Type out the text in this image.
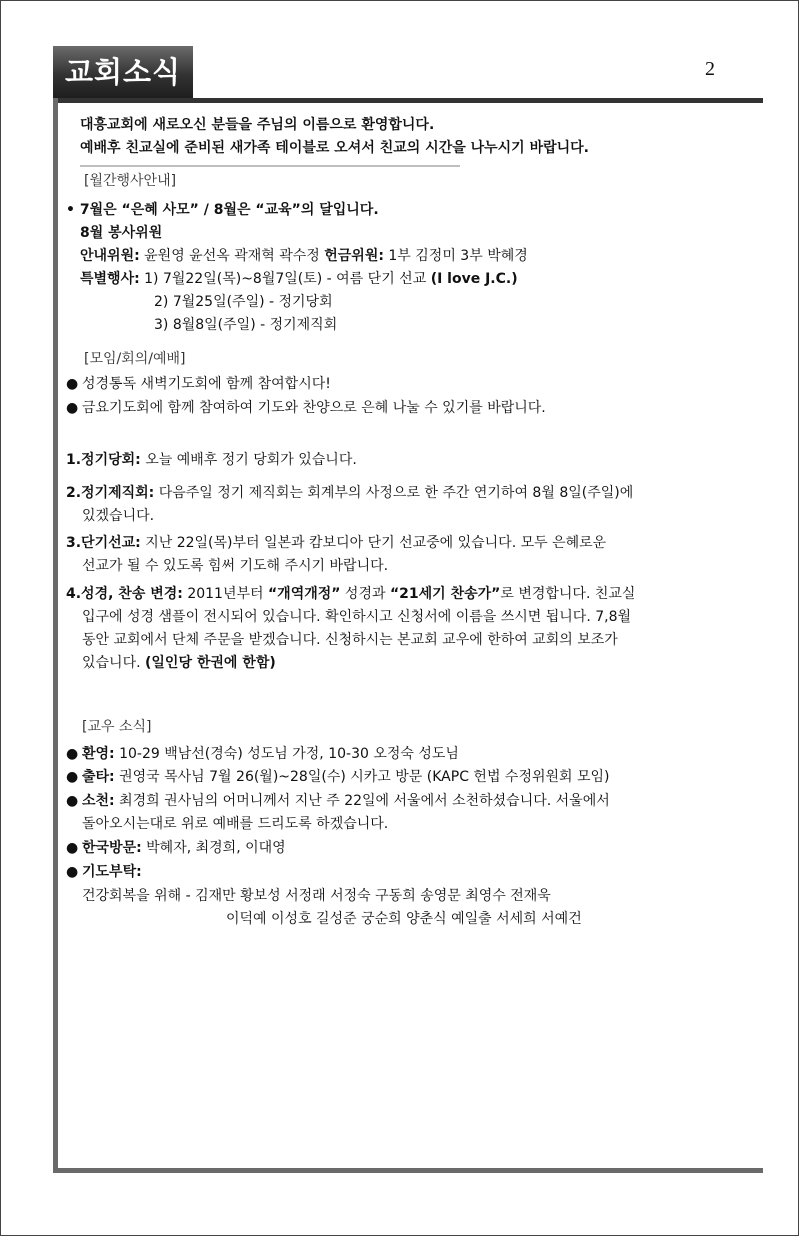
교회소식	2
대흥교회에 새로오신 분들을 주님의 이름으로 환영합니다.
예배후 친교실에 준비된 새가족 테이블로 오셔서 친교의 시간을 나누시기 바랍니다.
[월간행사안내]
• 7월은 “은혜 사모” / 8월은 “교육”의 달입니다.
8월 봉사위원
안내위원: 윤원영 윤선옥 곽재혁 곽수정 헌금위원: 1부 김정미 3부 박혜경
특별행사: 1) 7월22일(목)~8월7일(토) - 여름 단기 선교 (I love J.C.)
2) 7월25일(주일) - 정기당회
3) 8월8일(주일) - 정기제직회
[모임/회의/예배]
● 성경통독 새벽기도회에 함께 참여합시다!
● 금요기도회에 함께 참여하여 기도와 찬양으로 은혜 나눌 수 있기를 바랍니다.
1.정기당회: 오늘 예배후 정기 당회가 있습니다.
2.정기제직회: 다음주일 정기 제직회는 회계부의 사정으로 한 주간 연기하여 8월 8일(주일)에
있겠습니다.
3.단기선교: 지난 22일(목)부터 일본과 캄보디아 단기 선교중에 있습니다. 모두 은혜로운
선교가 될 수 있도록 힘써 기도해 주시기 바랍니다.
4.성경, 찬송 변경: 2011년부터 “개역개정” 성경과 “21세기 찬송가”로 변경합니다. 친교실
입구에 성경 샘플이 전시되어 있습니다. 확인하시고 신청서에 이름을 쓰시면 됩니다. 7,8월
동안 교회에서 단체 주문을 받겠습니다. 신청하시는 본교회 교우에 한하여 교회의 보조가
있습니다. (일인당 한권에 한함)
[교우 소식]
● 환영: 10-29 백남선(경숙) 성도님 가정, 10-30 오정숙 성도님
● 출타: 권영국 목사님 7월 26(월)~28일(수) 시카고 방문 (KAPC 헌법 수정위원회 모임)
● 소천: 최경희 권사님의 어머니께서 지난 주 22일에 서울에서 소천하셨습니다. 서울에서
돌아오시는대로 위로 예배를 드리도록 하겠습니다.
● 한국방문: 박혜자, 최경희, 이대영
● 기도부탁:
건강회복을 위해 - 김재만 황보성 서정래 서정숙 구동희 송영문 최영수 전재욱
이덕예 이성호 길성준 궁순희 양춘식 예일출 서세희 서예건
